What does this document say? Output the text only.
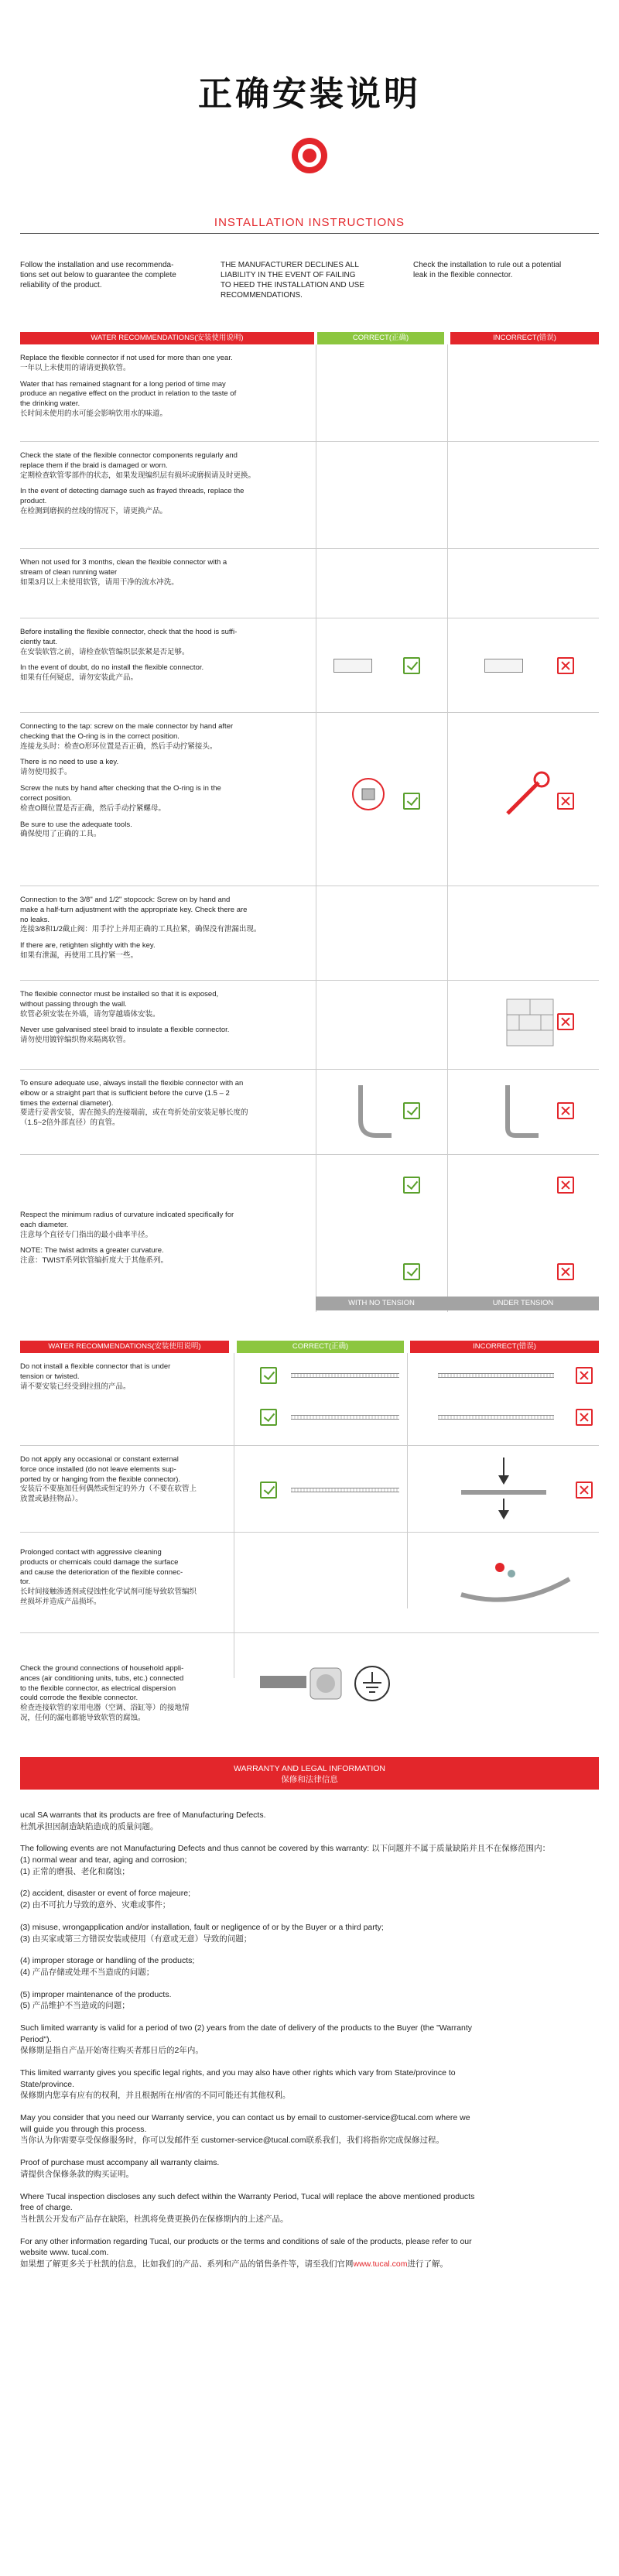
正确安装说明
INSTALLATION INSTRUCTIONS
Follow the installation and use recommenda-
tions set out below to guarantee the complete
reliability of the product.
THE MANUFACTURER DECLINES ALL
LIABILITY IN THE EVENT OF FAILING
TO HEED THE INSTALLATION AND USE
RECOMMENDATIONS.
Check the installation to rule out a potential
leak in the flexible connector.
WATER RECOMMENDATIONS(安装使用说明)	CORRECT(正确)	INCORRECT(错误)

Replace the flexible connector if not used for more than one year.
一年以上未使用的请请更换软管。

Water that has remained stagnant for a long period of time may
produce an negative effect on the product in relation to the taste of
the drinking water.
长时间未使用的水可能会影响饮用水的味道。

Check the state of the flexible connector components regularly and
replace them if the braid is damaged or worn.
定期检查软管零部件的状态，如果发现编织层有损坏或磨损请及时更换。

In the event of detecting damage such as frayed threads, replace the
product.
在检测到磨损的丝线的情况下，请更换产品。

When not used for 3 months, clean the flexible connector with a
stream of clean running water
如果3月以上未使用软管，请用干净的流水冲洗。

Before installing the flexible connector, check that the hood is suffi-
ciently taut.
在安装软管之前，请检查软管编织层张紧是否足够。

In the event of doubt, do no install the flexible connector.
如果有任何疑虑，请勿安装此产品。

Connecting to the tap: screw on the male connector by hand after
checking that the O-ring is in the correct position.
连接龙头时：检查O形环位置是否正确，然后手动拧紧接头。

There is no need to use a key.
请勿使用扳手。

Screw the nuts by hand after checking that the O-ring is in the
correct position.
检查O圈位置是否正确，然后手动拧紧螺母。

Be sure to use the adequate tools.
确保使用了正确的工具。

Connection to the 3/8" and 1/2" stopcock: Screw on by hand and
make a half-turn adjustment with the appropriate key. Check there are
no leaks.
连接3/8和1/2截止阀：用手拧上并用正确的工具拉紧，确保没有泄漏出现。

If there are, retighten slightly with the key.
如果有泄漏，再使用工具拧紧一些。

The flexible connector must be installed so that it is exposed,
without passing through the wall.
软管必须安装在外墙，请勿穿越墙体安装。

Never use galvanised steel braid to insulate a flexible connector.
请勿使用镀锌编织物来隔离软管。

To ensure adequate use, always install the flexible connector with an
elbow or a straight part that is sufficient before the curve (1.5 – 2
times the external diameter).
要进行妥善安装，需在抛头的连接端前，或在弯折处前安装足够长度的
（1.5~2倍外部直径）的直管。

Respect the minimum radius of curvature indicated specifically for
each diameter.
注意每个直径专门指出的最小曲率半径。

NOTE: The twist admits a greater curvature.
注意：TWIST系列软管编折度大于其他系列。

WITH NO TENSION	UNDER TENSION
WATER RECOMMENDATIONS(安装使用说明)	CORRECT(正确)	INCORRECT(错误)

Do not install a flexible connector that is under
tension or twisted.
请不要安装已经受到拉扭的产品。

Do not apply any occasional or constant external
force once installed (do not leave elements sup-
ported by or hanging from the flexible connector).
安装后不要施加任何偶然或恒定的外力（不要在软管上
放置或悬挂物品）。

Prolonged contact with aggressive cleaning
products or chemicals could damage the surface
and cause the deterioration of the flexible connec-
tor.
长时间接触渗透剂或侵蚀性化学试剂可能导致软管编织
丝损坏并造成产品损坏。

Check the ground connections of household appli-
ances (air conditioning units, tubs, etc.) connected
to the flexible connector, as electrical dispersion
could corrode the flexible connector.
检查连接软管的家用电器（空调、浴缸等）的接地情
况，任何的漏电都能导致软管的腐蚀。

WARRANTY AND LEGAL INFORMATION
保修和法律信息

ucal SA warrants that its products are free of Manufacturing Defects.
杜凯承担因制造缺陷造成的质量问题。

The following events are not Manufacturing Defects and thus cannot be covered by this warranty: 以下问题并不属于质量缺陷并且不在保修范围内：
(1) normal wear and tear, aging and corrosion;
(1) 正常的磨损、老化和腐蚀；

(2) accident, disaster or event of force majeure;
(2) 由不可抗力导致的意外、灾难或事件；

(3) misuse, wrongapplication and/or installation, fault or negligence of or by the Buyer or a third party;
(3) 由买家或第三方错误安装或使用（有意或无意）导致的问题；

(4) improper storage or handling of the products;
(4) 产品存储或处理不当造成的问题；

(5) improper maintenance of the products.
(5) 产品维护不当造成的问题；

Such limited warranty is valid for a period of two (2) years from the date of delivery of the products to the Buyer (the "Warranty
Period").
保修期是指自产品开始寄往购买者那日后的2年内。

This limited warranty gives you specific legal rights, and you may also have other rights which vary from State/province to
State/province.
保修期内您享有应有的权利，并且根据所在州/省的不同可能还有其他权利。

May you consider that you need our Warranty service, you can contact us by email to customer-service@tucal.com where we
will guide you through this process.
当你认为你需要享受保修服务时，你可以发邮件至 customer-service@tucal.com联系我们，我们将指你完成保修过程。

Proof of purchase must accompany all warranty claims.
请提供含保修条款的购买证明。

Where Tucal inspection discloses any such defect within the Warranty Period, Tucal will replace the above mentioned products
free of charge.
当杜凯公开发布产品存在缺陷，杜凯将免费更换仍在保修期内的上述产品。

For any other information regarding Tucal, our products or the terms and conditions of sale of the products, please refer to our
website www. tucal.com.
如果想了解更多关于杜凯的信息，比如我们的产品、系列和产品的销售条件等，请至我们官网www.tucal.com进行了解。
